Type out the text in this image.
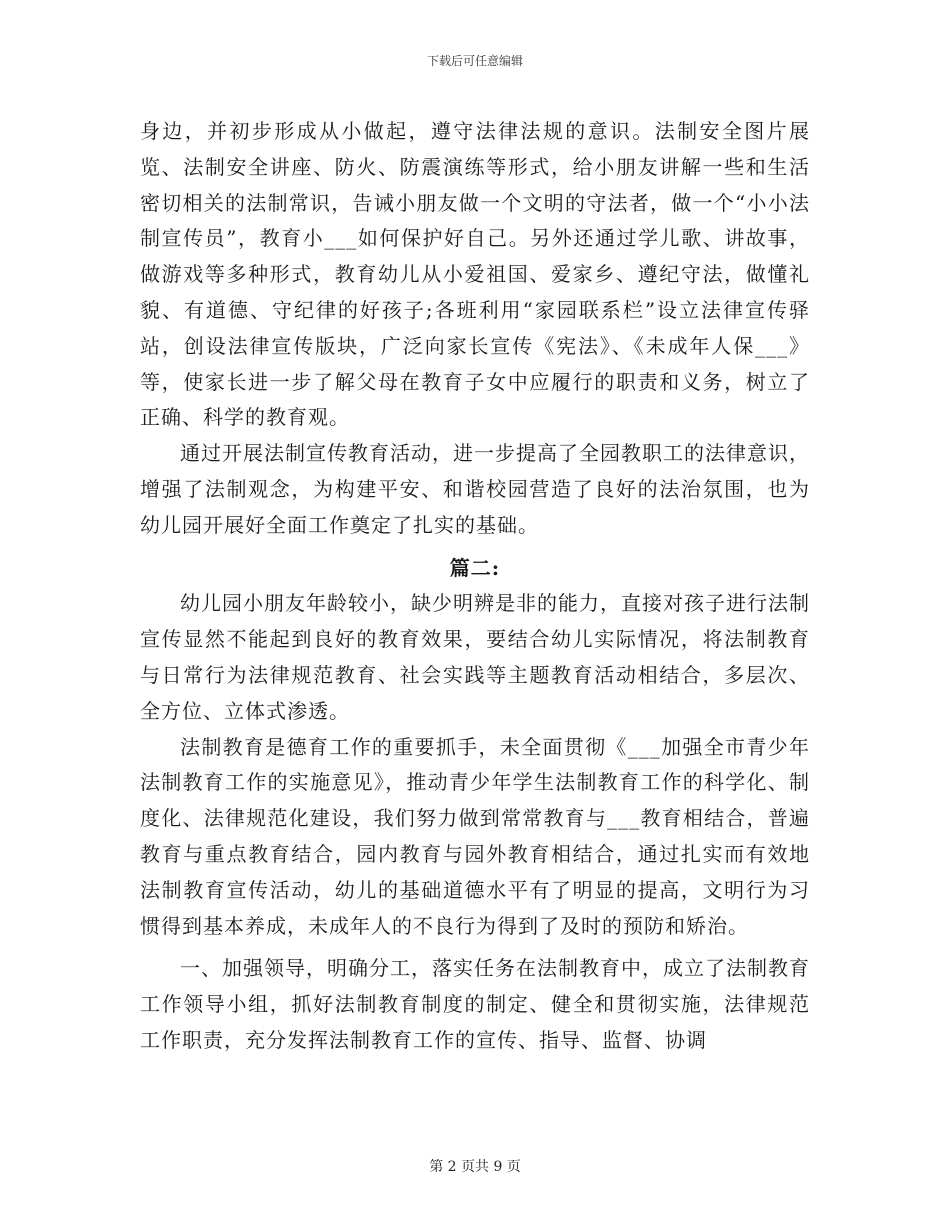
下载后可任意编辑

身边，并初步形成从小做起，遵守法律法规的意识。法制安全图片展览、法制安全讲座、防火、防震演练等形式，给小朋友讲解一些和生活密切相关的法制常识，告诫小朋友做一个文明的守法者，做一个“小小法制宣传员”，教育小___如何保护好自己。另外还通过学儿歌、讲故事，做游戏等多种形式，教育幼儿从小爱祖国、爱家乡、遵纪守法，做懂礼貌、有道德、守纪律的好孩子;各班利用“家园联系栏”设立法律宣传驿站，创设法律宣传版块，广泛向家长宣传《宪法》、《未成年人保___》等，使家长进一步了解父母在教育子女中应履行的职责和义务，树立了正确、科学的教育观。

通过开展法制宣传教育活动，进一步提高了全园教职工的法律意识，增强了法制观念，为构建平安、和谐校园营造了良好的法治氛围，也为幼儿园开展好全面工作奠定了扎实的基础。

篇二:

幼儿园小朋友年龄较小，缺少明辨是非的能力，直接对孩子进行法制宣传显然不能起到良好的教育效果，要结合幼儿实际情况，将法制教育与日常行为法律规范教育、社会实践等主题教育活动相结合，多层次、全方位、立体式渗透。

法制教育是德育工作的重要抓手，未全面贯彻《___加强全市青少年法制教育工作的实施意见》，推动青少年学生法制教育工作的科学化、制度化、法律规范化建设，我们努力做到常常教育与___教育相结合，普遍教育与重点教育结合，园内教育与园外教育相结合，通过扎实而有效地法制教育宣传活动，幼儿的基础道德水平有了明显的提高，文明行为习惯得到基本养成，未成年人的不良行为得到了及时的预防和矫治。

一、加强领导，明确分工，落实任务在法制教育中，成立了法制教育工作领导小组，抓好法制教育制度的制定、健全和贯彻实施，法律规范工作职责，充分发挥法制教育工作的宣传、指导、监督、协调

第 2 页共 9 页
